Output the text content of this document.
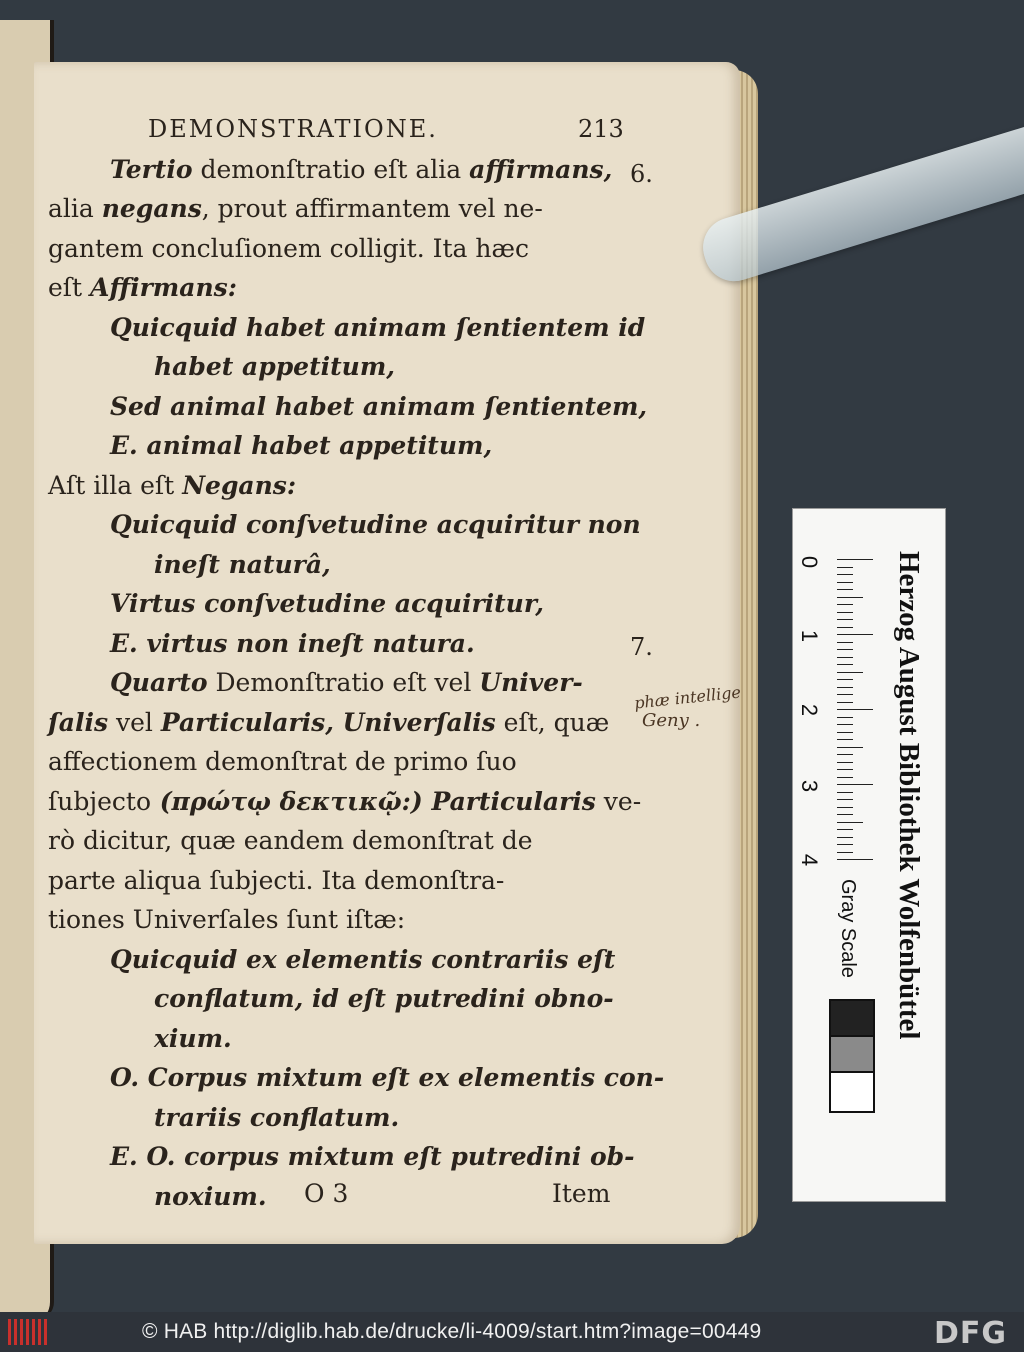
DEMONSTRATIONE.	213
Tertio demonſtratio eſt alia affirmans,
alia negans, prout affirmantem vel ne-
gantem concluſionem colligit. Ita hæc
eſt Affirmans:
Quicquid habet animam ſentientem id
habet appetitum,
Sed animal habet animam ſentientem,
E. animal habet appetitum,
Aſt illa eſt Negans:
Quicquid conſvetudine acquiritur non
ineſt naturâ,
Virtus conſvetudine acquiritur,
E. virtus non ineſt natura.
Quarto Demonſtratio eſt vel Univer-
ſalis vel Particularis, Univerſalis eſt, quæ
affectionem demonſtrat de primo ſuo
ſubjecto (πρώτῳ δεκτικῷ:) Particularis ve-
rò dicitur, quæ eandem demonſtrat de
parte aliqua ſubjecti. Ita demonſtra-
tiones Univerſales ſunt iſtæ:
Quicquid ex elementis contrariis eſt
conflatum, id eſt putredini obno-
xium.
O. Corpus mixtum eſt ex elementis con-
trariis conflatum.
E. O. corpus mixtum eſt putredini ob-
noxium.	O 3	Item
6.
7.
phæ intellige
Geny .	Herzog August Bibliothek Wolfenbüttel
0
1
2
3
4
Gray Scale
© HAB http://diglib.hab.de/drucke/li-4009/start.htm?image=00449	DFG
